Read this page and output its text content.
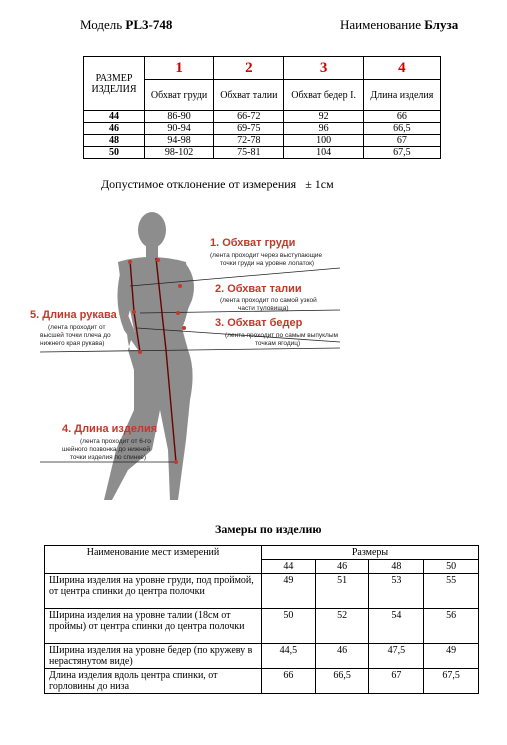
Модель PL3-748	Наименование Блуза
РАЗМЕР ИЗДЕЛИЯ	1	2	3	4
	Обхват груди	Обхват талии	Обхват бедер I.	Длина изделия
44	86-90	66-72	92	66
46	90-94	69-75	96	66,5
48	94-98	72-78	100	67
50	98-102	75-81	104	67,5
Допустимое отклонение от измерения ± 1см
1. Обхват груди
(лента проходит через выступающие
точки груди на уровне лопаток)
2. Обхват талии
(лента проходит по самой узкой
части туловища)
3. Обхват бедер
(лента проходит по самым выпуклым
точкам ягодиц)
5. Длина рукава
(лента проходит от
высшей точки плеча до
нижнего края рукава)
4. Длина изделия
(лента проходит от 6-го
шейного позвонка до нижней
точки изделия по спинке)
Замеры по изделию
Наименование мест измерений	Размеры			
	44	46	48	50
Ширина изделия на уровне груди, под проймой, от центра спинки до центра полочки	49	51	53	55
Ширина изделия на уровне талии (18см от проймы) от центра спинки до центра полочки	50	52	54	56
Ширина изделия на уровне бедер (по кружеву в нерастянутом виде)	44,5	46	47,5	49
Длина изделия вдоль центра спинки, от горловины до низа	66	66,5	67	67,5
